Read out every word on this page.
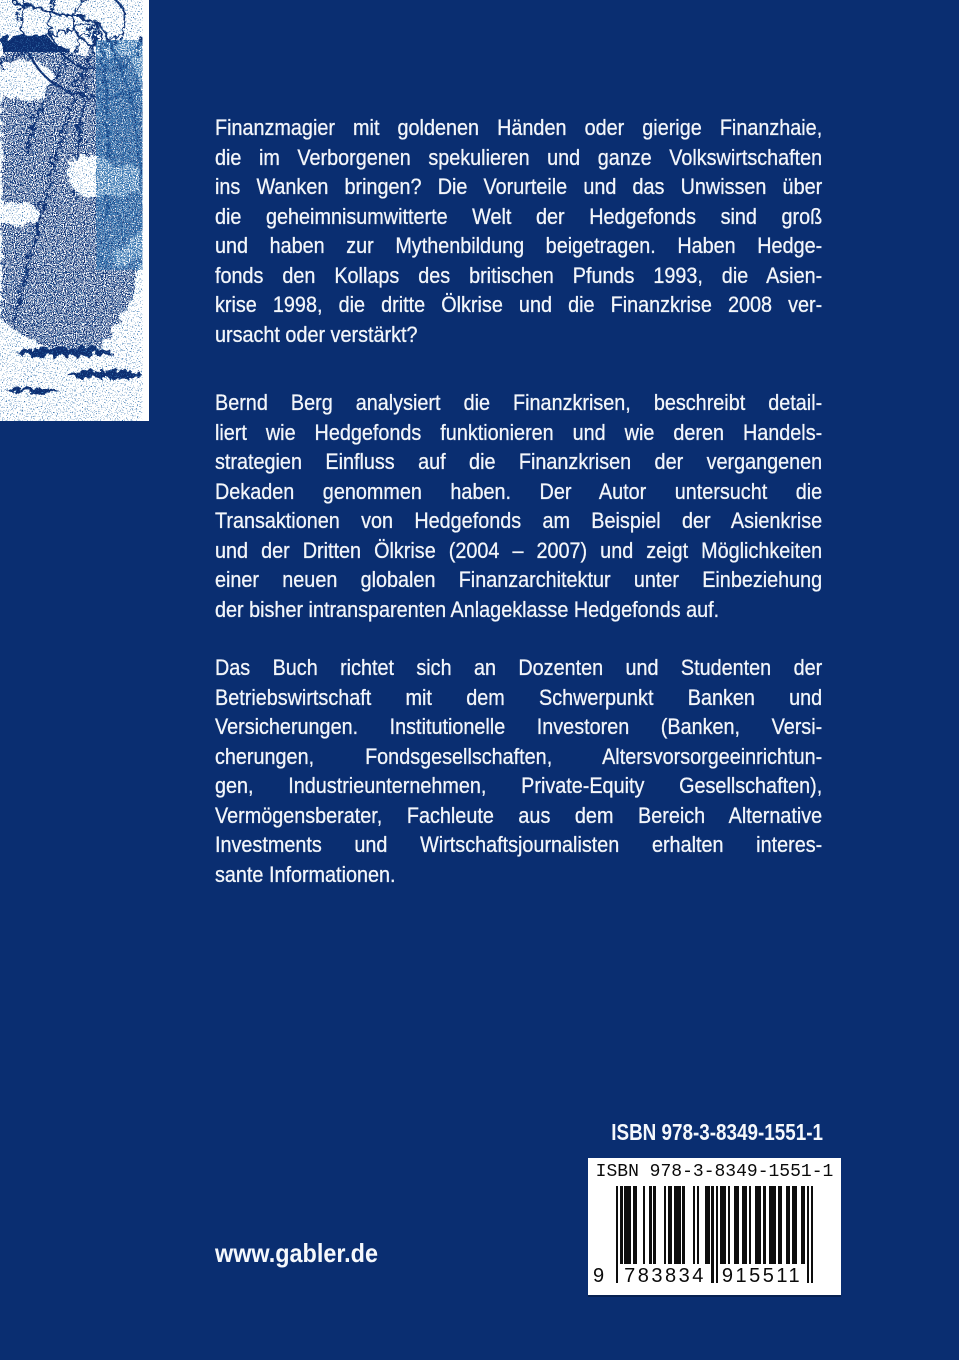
Finanzmagier mit goldenen Händen oder gierige Finanzhaie,
die im Verborgenen spekulieren und ganze Volkswirtschaften
ins Wanken bringen? Die Vorurteile und das Unwissen über
die geheimnisumwitterte Welt der Hedgefonds sind groß
und haben zur Mythenbildung beigetragen. Haben Hedge-
fonds den Kollaps des britischen Pfunds 1993, die Asien-
krise 1998, die dritte Ölkrise und die Finanzkrise 2008 ver-
ursacht oder verstärkt?
Bernd Berg analysiert die Finanzkrisen, beschreibt detail-
liert wie Hedgefonds funktionieren und wie deren Handels-
strategien Einfluss auf die Finanzkrisen der vergangenen
Dekaden genommen haben. Der Autor untersucht die
Transaktionen von Hedgefonds am Beispiel der Asienkrise
und der Dritten Ölkrise (2004 – 2007) und zeigt Möglichkeiten
einer neuen globalen Finanzarchitektur unter Einbeziehung
der bisher intransparenten Anlageklasse Hedgefonds auf.
Das Buch richtet sich an Dozenten und Studenten der
Betriebswirtschaft mit dem Schwerpunkt Banken und
Versicherungen. Institutionelle Investoren (Banken, Versi-
cherungen, Fondsgesellschaften, Altersvorsorgeeinrichtun-
gen, Industrieunternehmen, Private-Equity Gesellschaften),
Vermögensberater, Fachleute aus dem Bereich Alternative
Investments und Wirtschaftsjournalisten erhalten interes-
sante Informationen.
ISBN 978-3-8349-1551-1
ISBN 978-3-8349-1551-1
9 783834 915511
www.gabler.de
